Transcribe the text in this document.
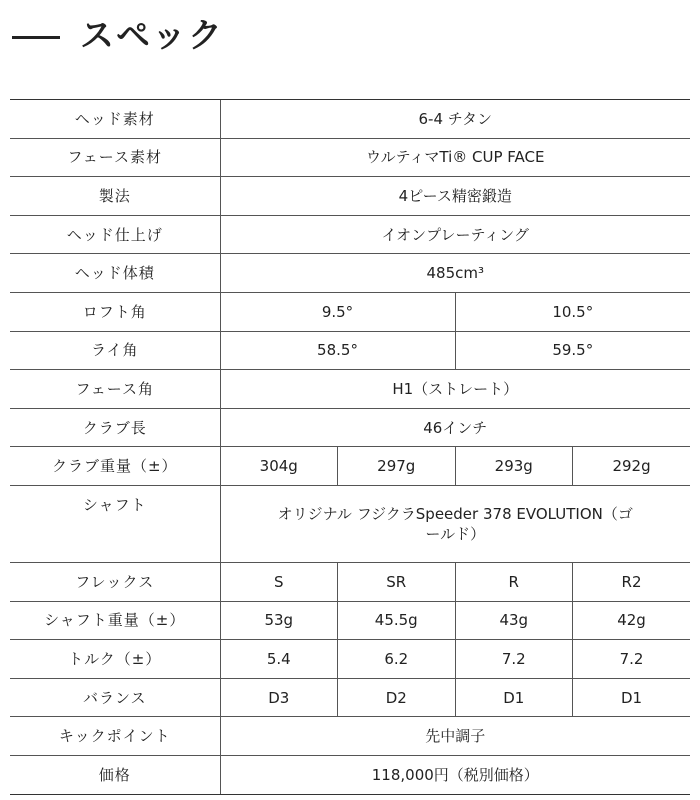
スペック
ヘッド素材	6-4 チタン			
フェース素材	ウルティマTi® CUP FACE			
製法	4ピース精密鍛造			
ヘッド仕上げ	イオンプレーティング			
ヘッド体積	485cm³			
ロフト角	9.5°		10.5°	
ライ角	58.5°		59.5°	
フェース角	H1（ストレート）			
クラブ長	46インチ			
クラブ重量（±）	304g	297g	293g	292g
シャフト	オリジナル フジクラSpeeder 378 EVOLUTION（ゴールド）			
フレックス	S	SR	R	R2
シャフト重量（±）	53g	45.5g	43g	42g
トルク（±）	5.4	6.2	7.2	7.2
バランス	D3	D2	D1	D1
キックポイント	先中調子			
価格	118,000円（税別価格）			
